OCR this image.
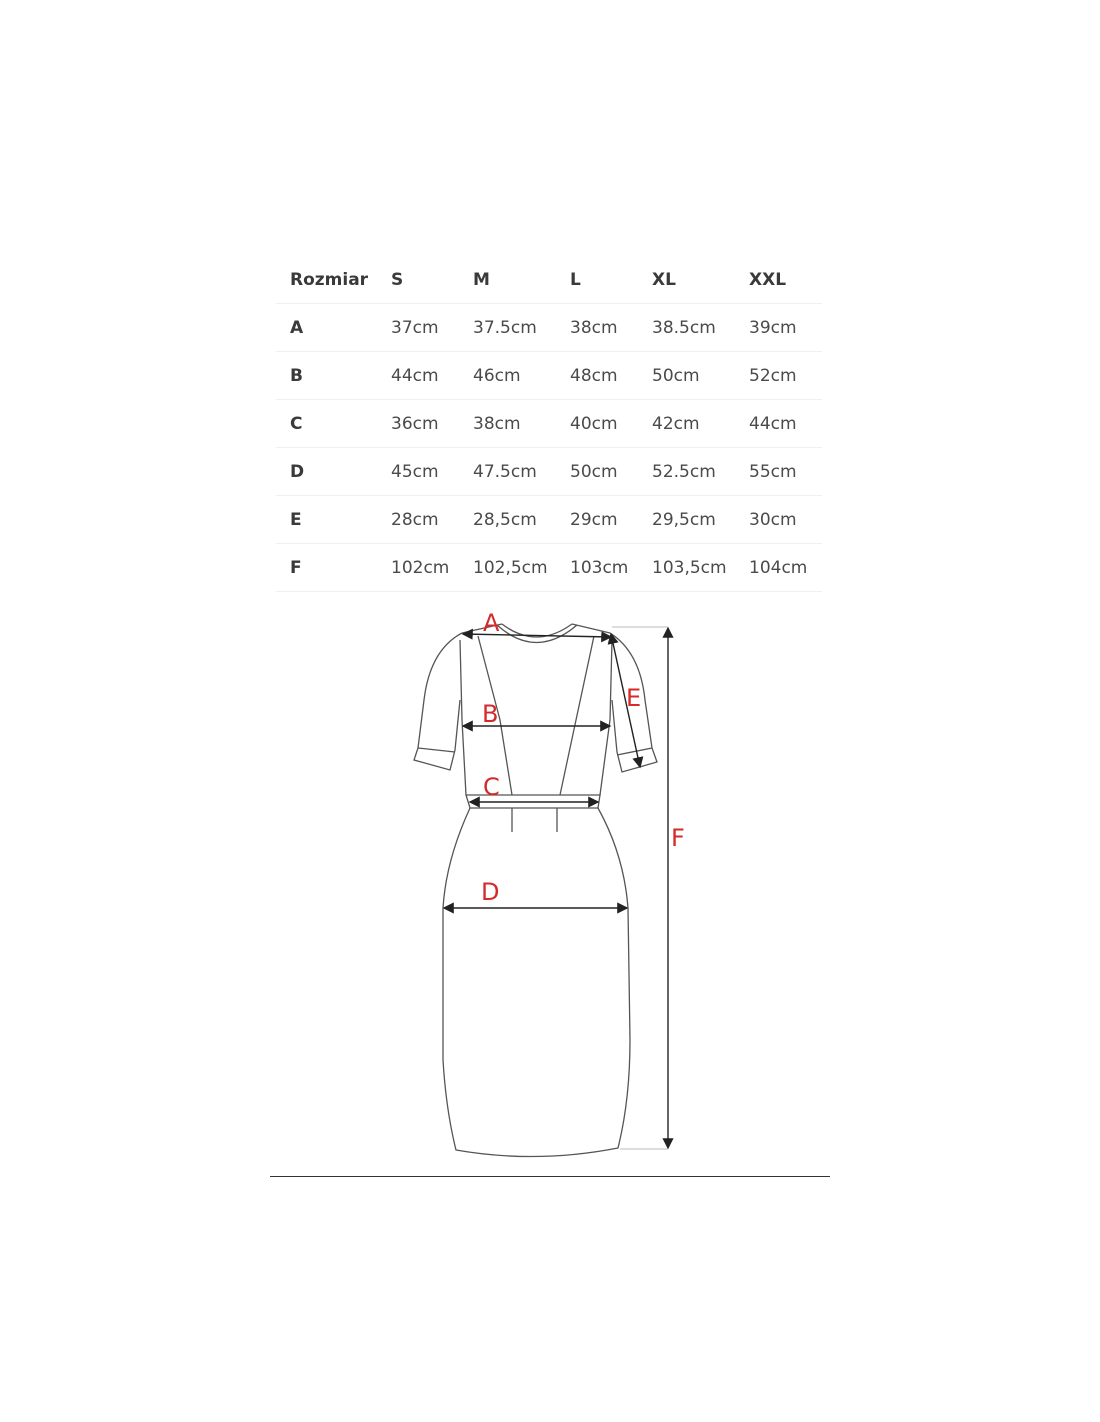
Rozmiar	S	M	L	XL	XXL
A	37cm	37.5cm	38cm	38.5cm	39cm
B	44cm	46cm	48cm	50cm	52cm
C	36cm	38cm	40cm	42cm	44cm
D	45cm	47.5cm	50cm	52.5cm	55cm
E	28cm	28,5cm	29cm	29,5cm	30cm
F	102cm	102,5cm	103cm	103,5cm	104cm
A
B
C
D
E
F
